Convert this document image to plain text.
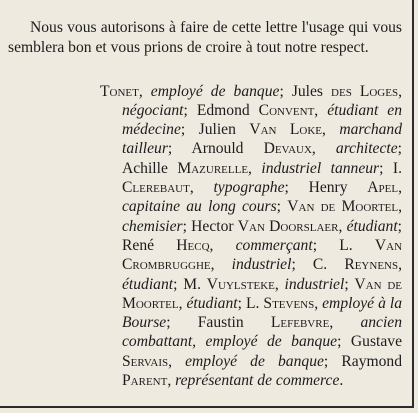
Nous vous autorisons à faire de cette lettre l'usage qui vous semblera bon et vous prions de croire à tout notre respect.

Tonet, employé de banque; Jules des Loges, négociant; Edmond Convent, étudiant en médecine; Julien Van Loke, marchand tailleur; Arnould Devaux, architecte; Achille Mazurelle, industriel tanneur; I. Clerebaut, typographe; Henry Apel, capitaine au long cours; Van de Moortel, chemisier; Hector Van Doorslaer, étudiant; René Hecq, commerçant; L. Van Crombrugghe, industriel; C. Reynens, étudiant; M. Vuylsteke, industriel; Van de Moortel, étudiant; L. Stevens, employé à la Bourse; Faustin Lefebvre, ancien combattant, employé de banque; Gustave Servais, employé de banque; Raymond Parent, représentant de commerce.
